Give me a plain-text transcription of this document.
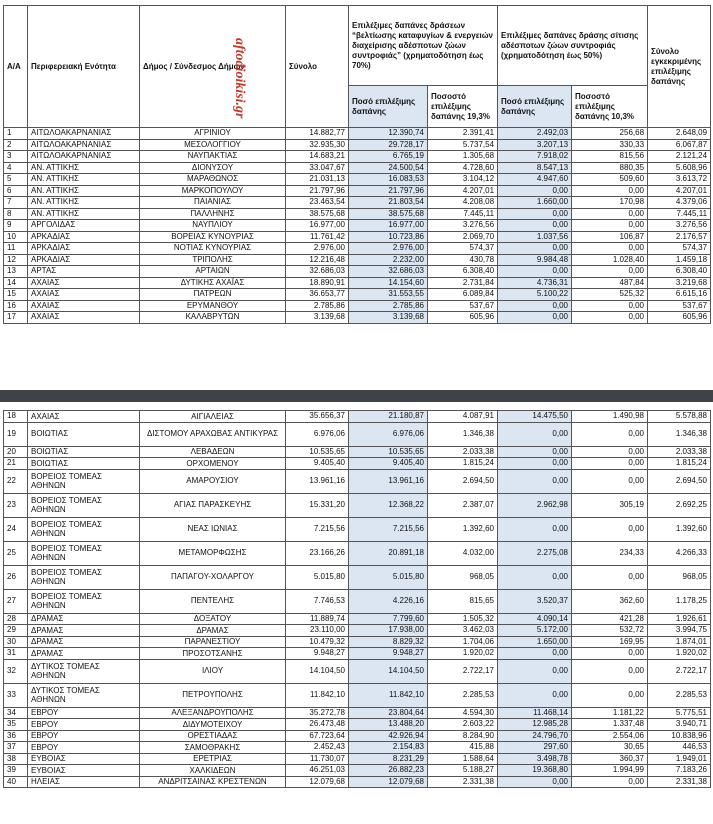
Α/Α	Περιφερειακή Ενότητα	Δήμος / Σύνδεσμος Δήμων	Σύνολο	Επιλέξιμες δαπάνες δράσεων “βελτίωσης καταφυγίων & ενεργειών διαχείρισης αδέσποτων ζώων συντροφιάς” (χρηματοδότηση έως 70%)		Επιλέξιμες δαπάνες δράσης σίτισης αδέσποτων ζώων συντροφιάς (χρηματοδότηση έως 50%)		Σύνολο εγκεκριμένης επιλέξιμης δαπάνης
				Ποσό επιλέξιμης δαπάνης	Ποσοστό επιλέξιμης δαπάνης 19,3%	Ποσό επιλέξιμης δαπάνης	Ποσοστό επιλέξιμης δαπάνης 10,3%	
1	ΑΙΤΩΛΟΑΚΑΡΝΑΝΙΑΣ	ΑΓΡΙΝΙΟΥ	14.882,77	12.390,74	2.391,41	2.492,03	256,68	2.648,09
2	ΑΙΤΩΛΟΑΚΑΡΝΑΝΙΑΣ	ΜΕΣΟΛΟΓΓΙΟΥ	32.935,30	29.728,17	5.737,54	3.207,13	330,33	6.067,87
3	ΑΙΤΩΛΟΑΚΑΡΝΑΝΙΑΣ	ΝΑΥΠΑΚΤΙΑΣ	14.683,21	6.765,19	1.305,68	7.918,02	815,56	2.121,24
4	ΑΝ. ΑΤΤΙΚΗΣ	ΔΙΟΝΥΣΟΥ	33.047,67	24.500,54	4.728,60	8.547,13	880,35	5.608,96
5	ΑΝ. ΑΤΤΙΚΗΣ	ΜΑΡΑΘΩΝΟΣ	21.031,13	16.083,53	3.104,12	4.947,60	509,60	3.613,72
6	ΑΝ. ΑΤΤΙΚΗΣ	ΜΑΡΚΟΠΟΥΛΟΥ	21.797,96	21.797,96	4.207,01	0,00	0,00	4.207,01
7	ΑΝ. ΑΤΤΙΚΗΣ	ΠΑΙΑΝΙΑΣ	23.463,54	21.803,54	4.208,08	1.660,00	170,98	4.379,06
8	ΑΝ. ΑΤΤΙΚΗΣ	ΠΑΛΛΗΝΗΣ	38.575,68	38.575,68	7.445,11	0,00	0,00	7.445,11
9	ΑΡΓΟΛΙΔΑΣ	ΝΑΥΠΛΙΟΥ	16.977,00	16.977,00	3.276,56	0,00	0,00	3.276,56
10	ΑΡΚΑΔΙΑΣ	ΒΟΡΕΙΑΣ ΚΥΝΟΥΡΙΑΣ	11.761,42	10.723,86	2.069,70	1.037,56	106,87	2.176,57
11	ΑΡΚΑΔΙΑΣ	ΝΟΤΙΑΣ ΚΥΝΟΥΡΙΑΣ	2.976,00	2.976,00	574,37	0,00	0,00	574,37
12	ΑΡΚΑΔΙΑΣ	ΤΡΙΠΟΛΗΣ	12.216,48	2.232,00	430,78	9.984,48	1.028,40	1.459,18
13	ΑΡΤΑΣ	ΑΡΤΑΙΩΝ	32.686,03	32.686,03	6.308,40	0,00	0,00	6.308,40
14	ΑΧΑΙΑΣ	ΔΥΤΙΚΗΣ ΑΧΑΪΑΣ	18.890,91	14.154,60	2.731,84	4.736,31	487,84	3.219,68
15	ΑΧΑΙΑΣ	ΠΑΤΡΕΩΝ	36.653,77	31.553,55	6.089,84	5.100,22	525,32	6.615,16
16	ΑΧΑΙΑΣ	ΕΡΥΜΑΝΘΟΥ	2.785,86	2.785,86	537,67	0,00	0,00	537,67
17	ΑΧΑΙΑΣ	ΚΑΛΑΒΡΥΤΩΝ	3.139,68	3.139,68	605,96	0,00	0,00	605,96
aftodioikisi.gr
18	ΑΧΑΙΑΣ	ΑΙΓΙΑΛΕΙΑΣ	35.656,37	21.180,87	4.087,91	14.475,50	1.490,98	5.578,88
19	ΒΟΙΩΤΙΑΣ	ΔΙΣΤΟΜΟΥ ΑΡΑΧΩΒΑΣ ΑΝΤΙΚΥΡΑΣ	6.976,06	6.976,06	1.346,38	0,00	0,00	1.346,38
20	ΒΟΙΩΤΙΑΣ	ΛΕΒΑΔΕΩΝ	10.535,65	10.535,65	2.033,38	0,00	0,00	2.033,38
21	ΒΟΙΩΤΙΑΣ	ΟΡΧΟΜΕΝΟΥ	9.405,40	9.405,40	1.815,24	0,00	0,00	1.815,24
22	ΒΟΡΕΙΟΣ ΤΟΜΕΑΣ ΑΘΗΝΩΝ	ΑΜΑΡΟΥΣΙΟΥ	13.961,16	13.961,16	2.694,50	0,00	0,00	2.694,50
23	ΒΟΡΕΙΟΣ ΤΟΜΕΑΣ ΑΘΗΝΩΝ	ΑΓΙΑΣ ΠΑΡΑΣΚΕΥΗΣ	15.331,20	12.368,22	2.387,07	2.962,98	305,19	2.692,25
24	ΒΟΡΕΙΟΣ ΤΟΜΕΑΣ ΑΘΗΝΩΝ	ΝΕΑΣ ΙΩΝΙΑΣ	7.215,56	7.215,56	1.392,60	0,00	0,00	1.392,60
25	ΒΟΡΕΙΟΣ ΤΟΜΕΑΣ ΑΘΗΝΩΝ	ΜΕΤΑΜΟΡΦΩΣΗΣ	23.166,26	20.891,18	4.032,00	2.275,08	234,33	4.266,33
26	ΒΟΡΕΙΟΣ ΤΟΜΕΑΣ ΑΘΗΝΩΝ	ΠΑΠΑΓΟΥ-ΧΟΛΑΡΓΟΥ	5.015,80	5.015,80	968,05	0,00	0,00	968,05
27	ΒΟΡΕΙΟΣ ΤΟΜΕΑΣ ΑΘΗΝΩΝ	ΠΕΝΤΕΛΗΣ	7.746,53	4.226,16	815,65	3.520,37	362,60	1.178,25
28	ΔΡΑΜΑΣ	ΔΟΞΑΤΟΥ	11.889,74	7.799,60	1.505,32	4.090,14	421,28	1.926,61
29	ΔΡΑΜΑΣ	ΔΡΑΜΑΣ	23.110,00	17.938,00	3.462,03	5.172,00	532,72	3.994,75
30	ΔΡΑΜΑΣ	ΠΑΡΑΝΕΣΤΙΟΥ	10.479,32	8.829,32	1.704,06	1.650,00	169,95	1.874,01
31	ΔΡΑΜΑΣ	ΠΡΟΣΟΤΣΑΝΗΣ	9.948,27	9.948,27	1.920,02	0,00	0,00	1.920,02
32	ΔΥΤΙΚΟΣ ΤΟΜΕΑΣ ΑΘΗΝΩΝ	ΙΛΙΟΥ	14.104,50	14.104,50	2.722,17	0,00	0,00	2.722,17
33	ΔΥΤΙΚΟΣ ΤΟΜΕΑΣ ΑΘΗΝΩΝ	ΠΕΤΡΟΥΠΟΛΗΣ	11.842,10	11.842,10	2.285,53	0,00	0,00	2.285,53
34	ΕΒΡΟΥ	ΑΛΕΞΑΝΔΡΟΥΠΟΛΗΣ	35.272,78	23.804,64	4.594,30	11.468,14	1.181,22	5.775,51
35	ΕΒΡΟΥ	ΔΙΔΥΜΟΤΕΙΧΟΥ	26.473,48	13.488,20	2.603,22	12.985,28	1.337,48	3.940,71
36	ΕΒΡΟΥ	ΟΡΕΣΤΙΑΔΑΣ	67.723,64	42.926,94	8.284,90	24.796,70	2.554,06	10.838,96
37	ΕΒΡΟΥ	ΣΑΜΟΘΡΑΚΗΣ	2.452,43	2.154,83	415,88	297,60	30,65	446,53
38	ΕΥΒΟΙΑΣ	ΕΡΕΤΡΙΑΣ	11.730,07	8.231,29	1.588,64	3.498,78	360,37	1.949,01
39	ΕΥΒΟΙΑΣ	ΧΑΛΚΙΔΕΩΝ	46.251,03	26.882,23	5.188,27	19.368,80	1.994,99	7.183,26
40	ΗΛΕΙΑΣ	ΑΝΔΡΙΤΣΑΙΝΑΣ ΚΡΕΣΤΕΝΩΝ	12.079,68	12.079,68	2.331,38	0,00	0,00	2.331,38
